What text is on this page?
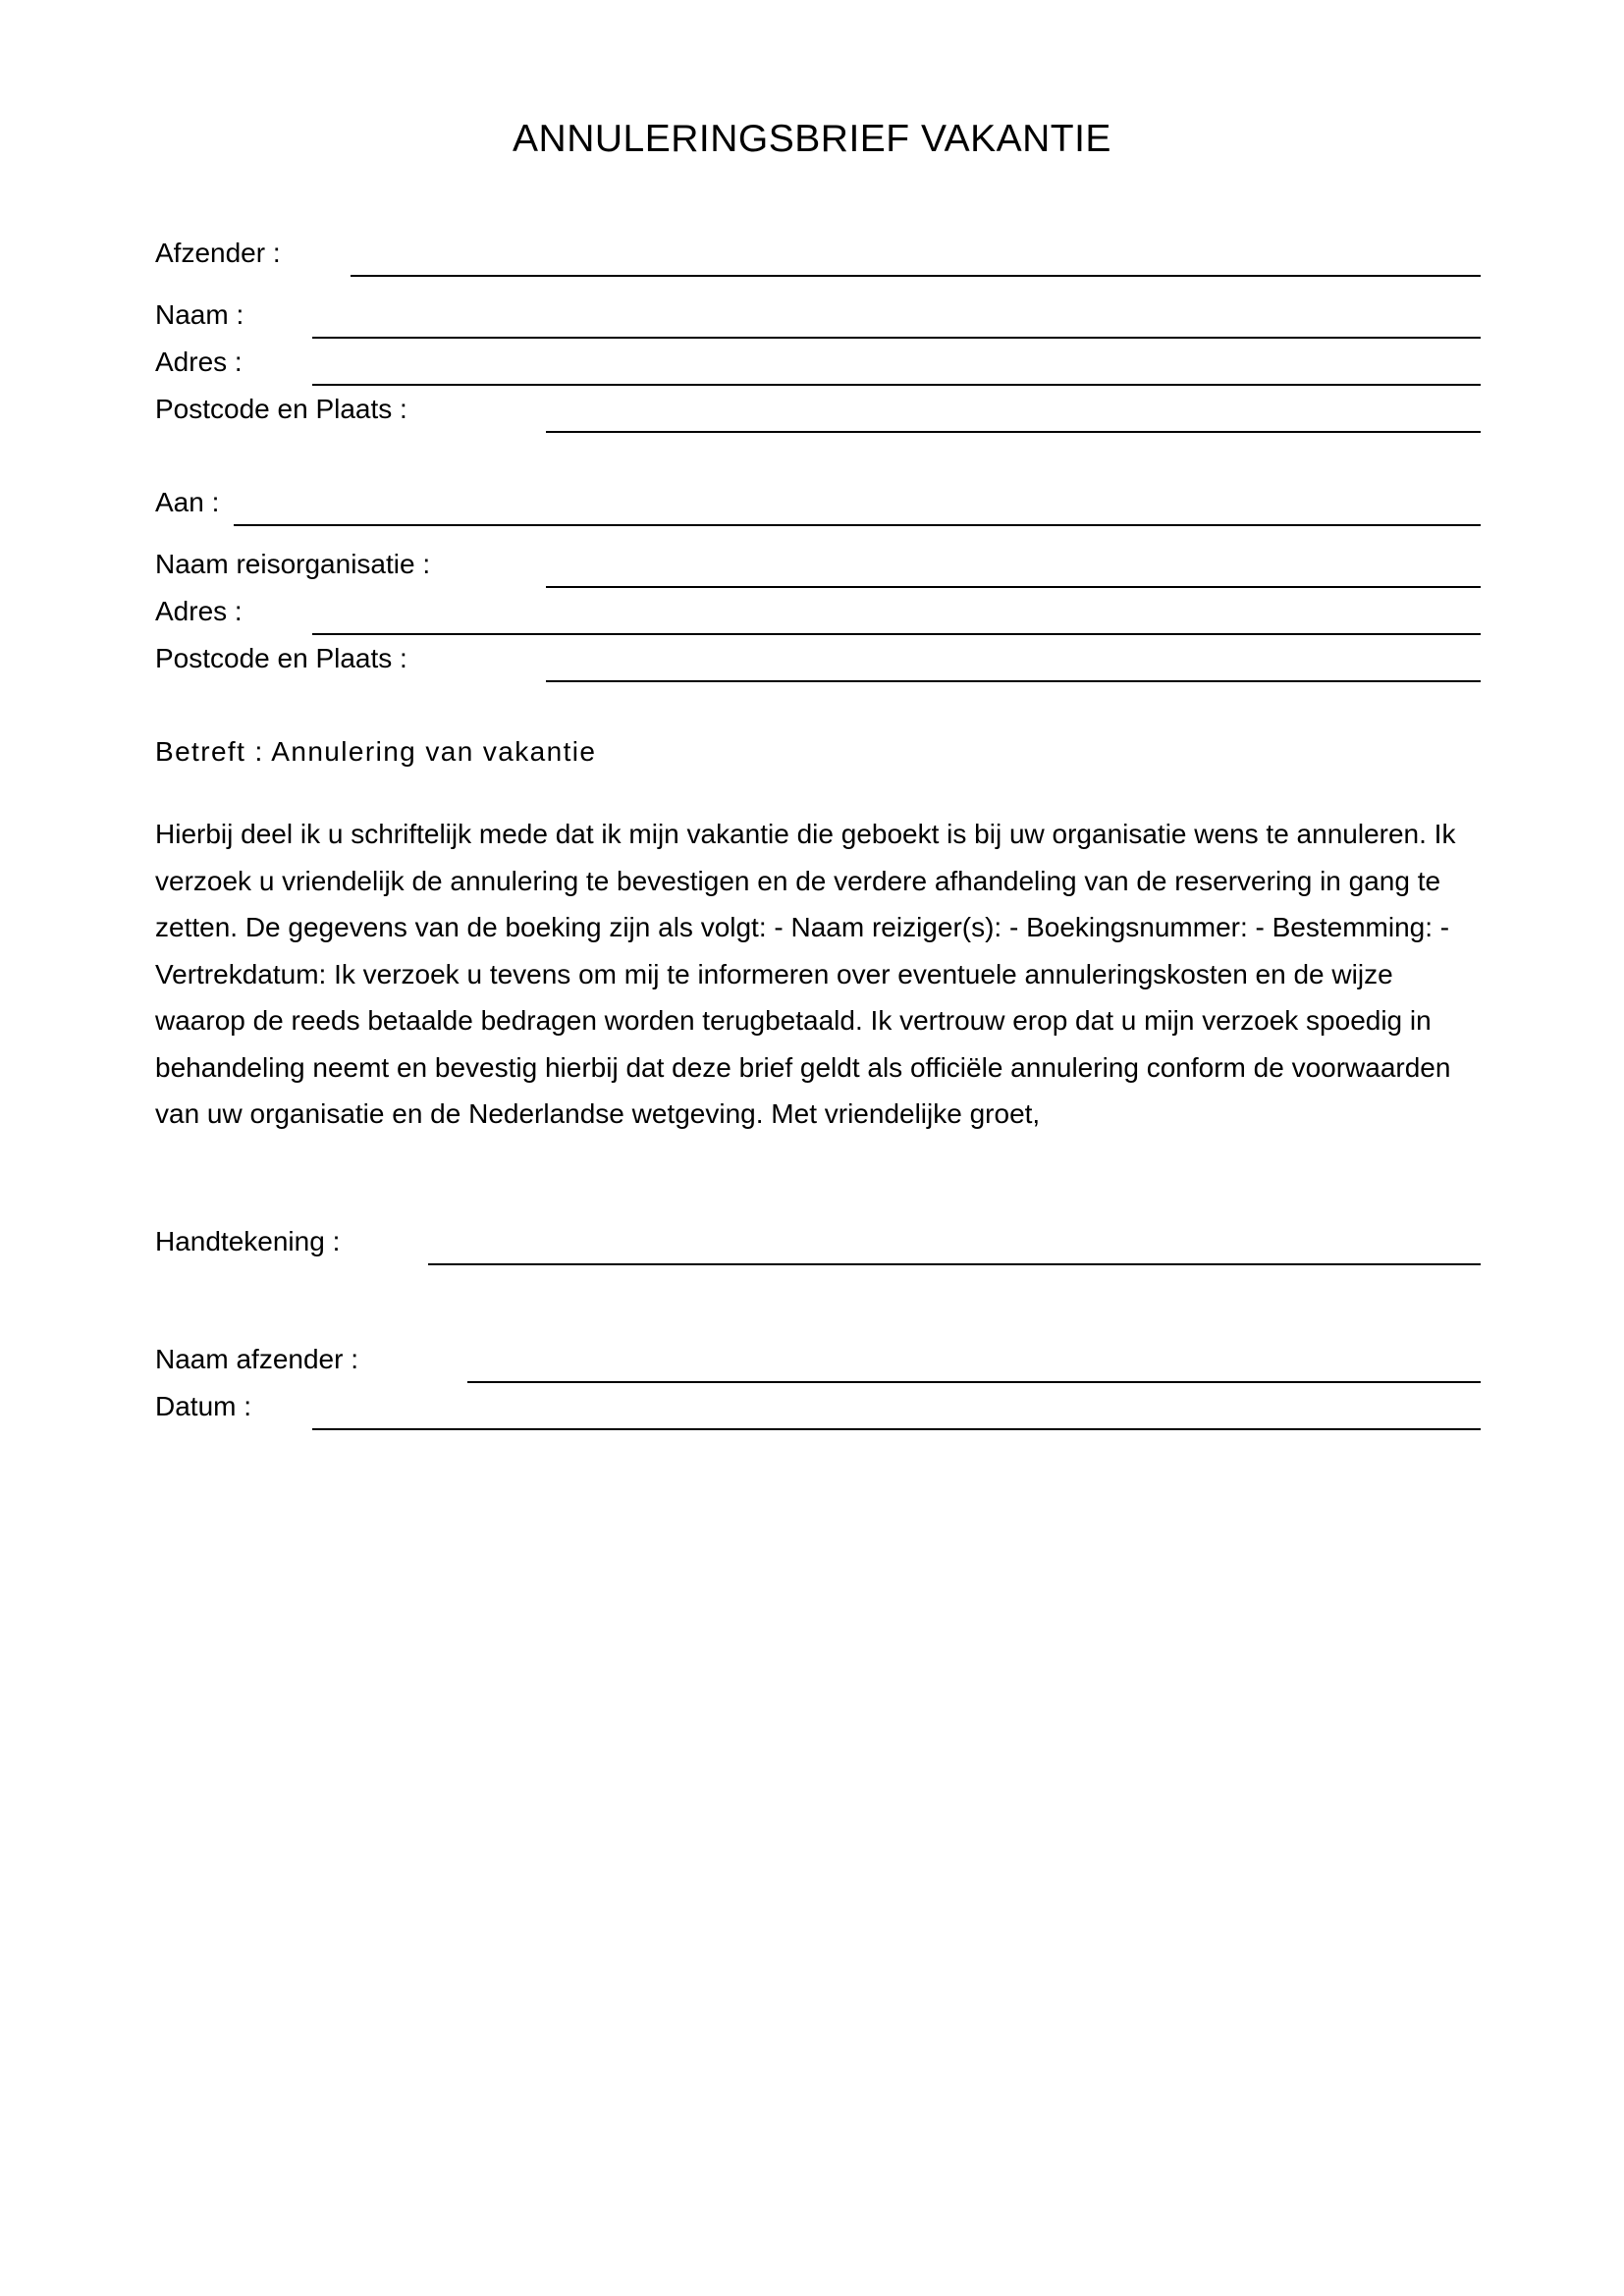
ANNULERINGSBRIEF VAKANTIE
Afzender :
Naam :
Adres :
Postcode en Plaats :
Aan :
Naam reisorganisatie :
Adres :
Postcode en Plaats :
Betreft : Annulering van vakantie

Hierbij deel ik u schriftelijk mede dat ik mijn vakantie die geboekt is bij uw organisatie wens te annuleren. Ik verzoek u vriendelijk de annulering te bevestigen en de verdere afhandeling van de reservering in gang te zetten. De gegevens van de boeking zijn als volgt: - Naam reiziger(s): - Boekingsnummer: - Bestemming: - Vertrekdatum: Ik verzoek u tevens om mij te informeren over eventuele annuleringskosten en de wijze waarop de reeds betaalde bedragen worden terugbetaald. Ik vertrouw erop dat u mijn verzoek spoedig in behandeling neemt en bevestig hierbij dat deze brief geldt als officiële annulering conform de voorwaarden van uw organisatie en de Nederlandse wetgeving. Met vriendelijke groet,

Handtekening :
Naam afzender :
Datum :
